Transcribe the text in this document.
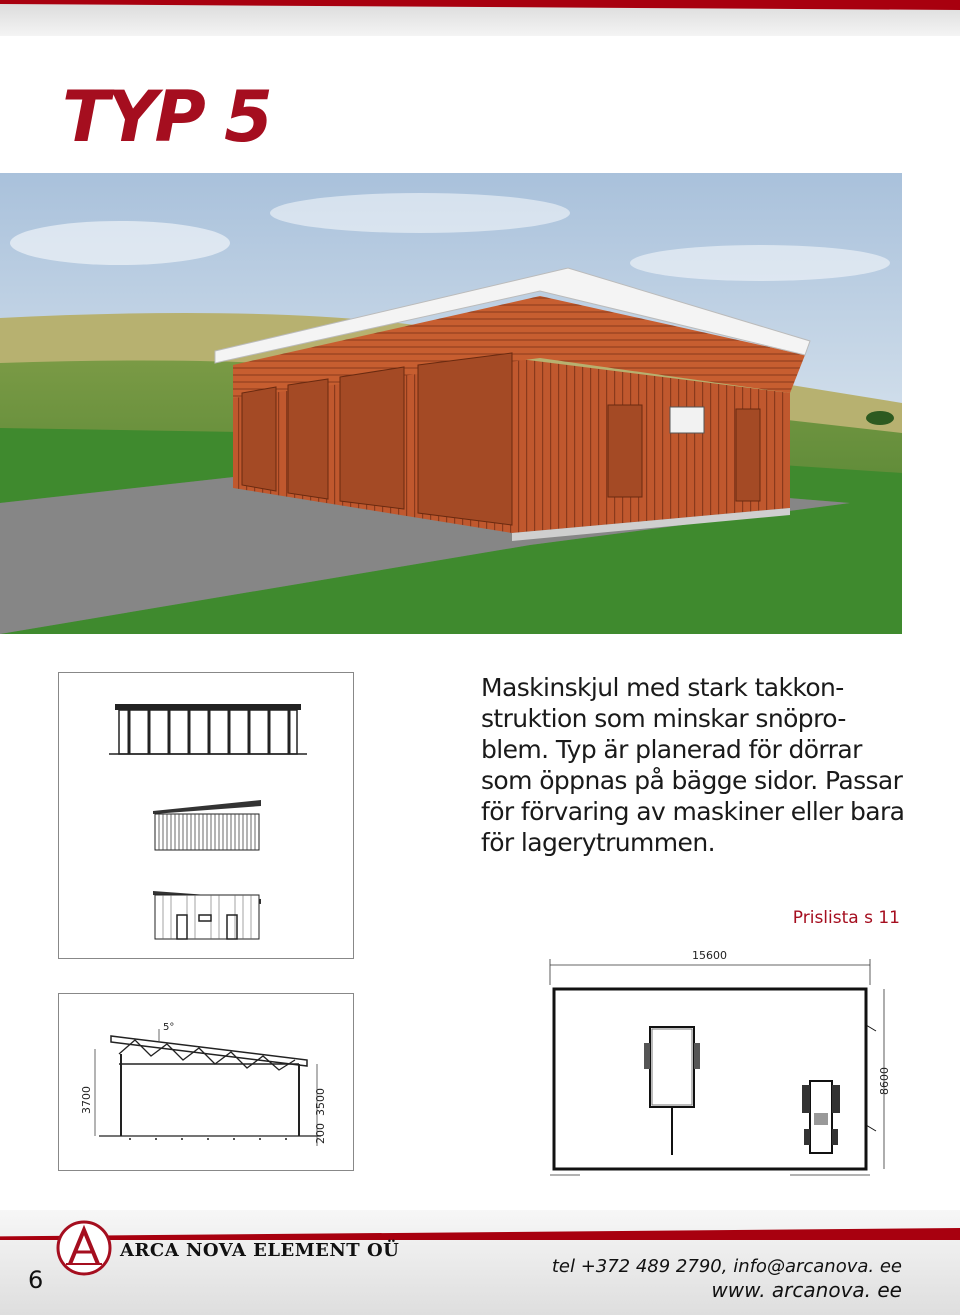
TYP 5
5°
3700	3500
200

Maskinskjul med stark takkon-
struktion som minskar snöpro-
blem. Typ är planerad för dörrar
som öppnas på bägge sidor. Passar
för förvaring av maskiner eller bara
för lagerytrummen.

Prislista s 11
15600
8600
ARCA NOVA ELEMENT OÜ
6	tel +372 489 2790, info@arcanova. ee
www. arcanova. ee
